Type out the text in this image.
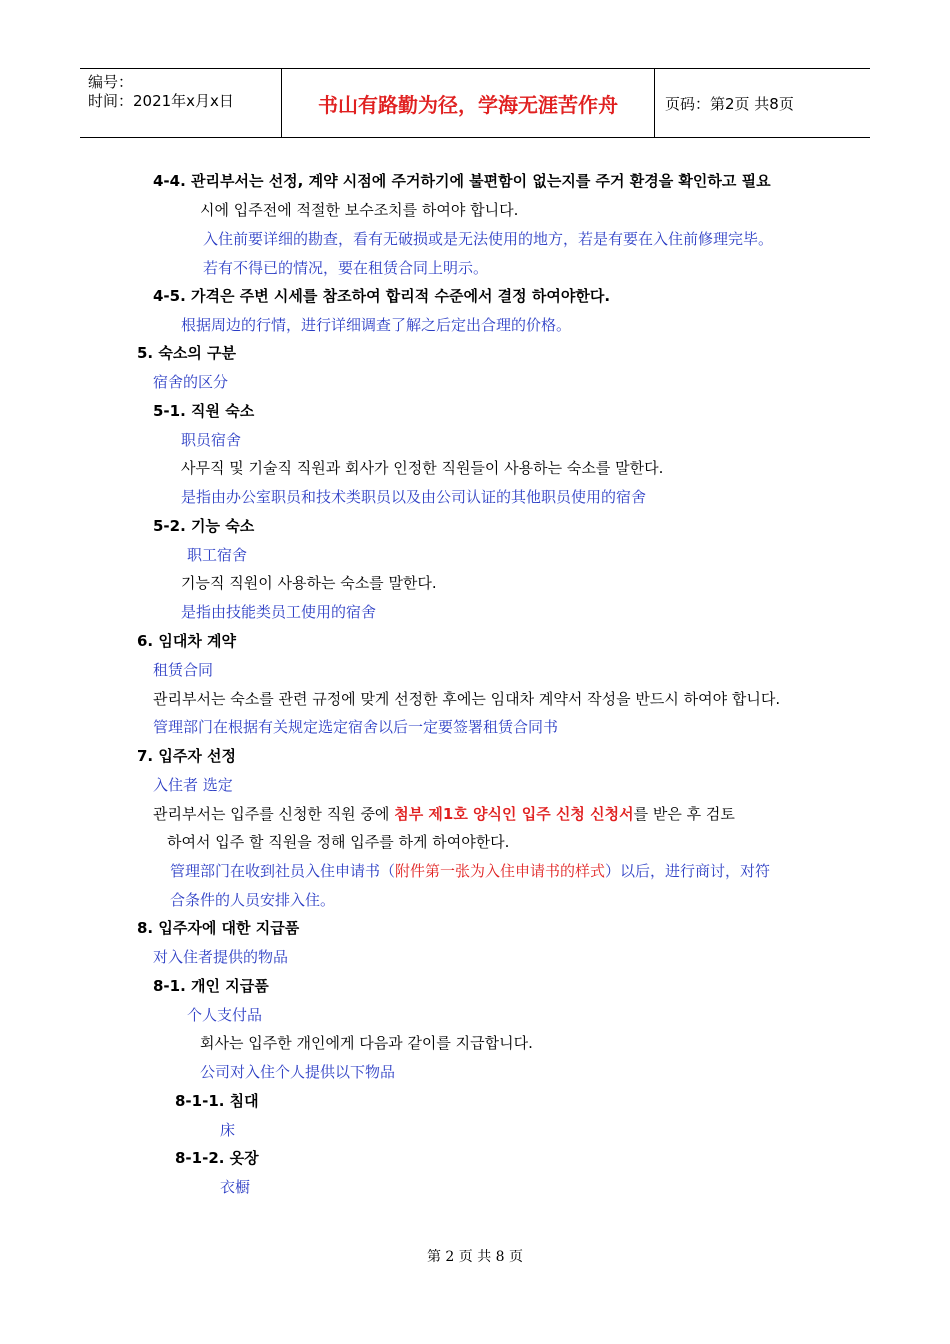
编号：
时间：2021年x月x日	书山有路勤为径，学海无涯苦作舟	页码：第2页 共8页
4-4. 관리부서는 선정, 계약 시점에 주거하기에 불편함이 없는지를 주거 환경을 확인하고 필요
시에 입주전에 적절한 보수조치를 하여야 합니다.
入住前要详细的勘查，看有无破损或是无法使用的地方，若是有要在入住前修理完毕。
若有不得已的情况，要在租赁合同上明示。
4-5. 가격은 주변 시세를 참조하여 합리적 수준에서 결정 하여야한다.
根据周边的行情，进行详细调查了解之后定出合理的价格。
5. 숙소의 구분
宿舍的区分
5-1. 직원 숙소
职员宿舍
사무직 및 기술직 직원과 회사가 인정한 직원들이 사용하는 숙소를 말한다.
是指由办公室职员和技术类职员以及由公司认证的其他职员使用的宿舍
5-2. 기능 숙소
职工宿舍
기능직 직원이 사용하는 숙소를 말한다.
是指由技能类员工使用的宿舍
6. 임대차 계약
租赁合同
관리부서는 숙소를 관련 규정에 맞게 선정한 후에는 임대차 계약서 작성을 반드시 하여야 합니다.
管理部门在根据有关规定选定宿舍以后一定要签署租赁合同书
7. 입주자 선정
入住者 选定
관리부서는 입주를 신청한 직원 중에 첨부 제1호 양식인 입주 신청 신청서를 받은 후 검토
하여서 입주 할 직원을 정해 입주를 하게 하여야한다.
管理部门在收到社员入住申请书（附件第一张为入住申请书的样式）以后，进行商讨，对符
合条件的人员安排入住。
8. 입주자에 대한 지급품
对入住者提供的物品
8-1. 개인 지급품
个人支付品
회사는 입주한 개인에게 다음과 같이를 지급합니다.
公司对入住个人提供以下物品
8-1-1. 침대
床
8-1-2. 옷장
衣橱
第 2 页 共 8 页
